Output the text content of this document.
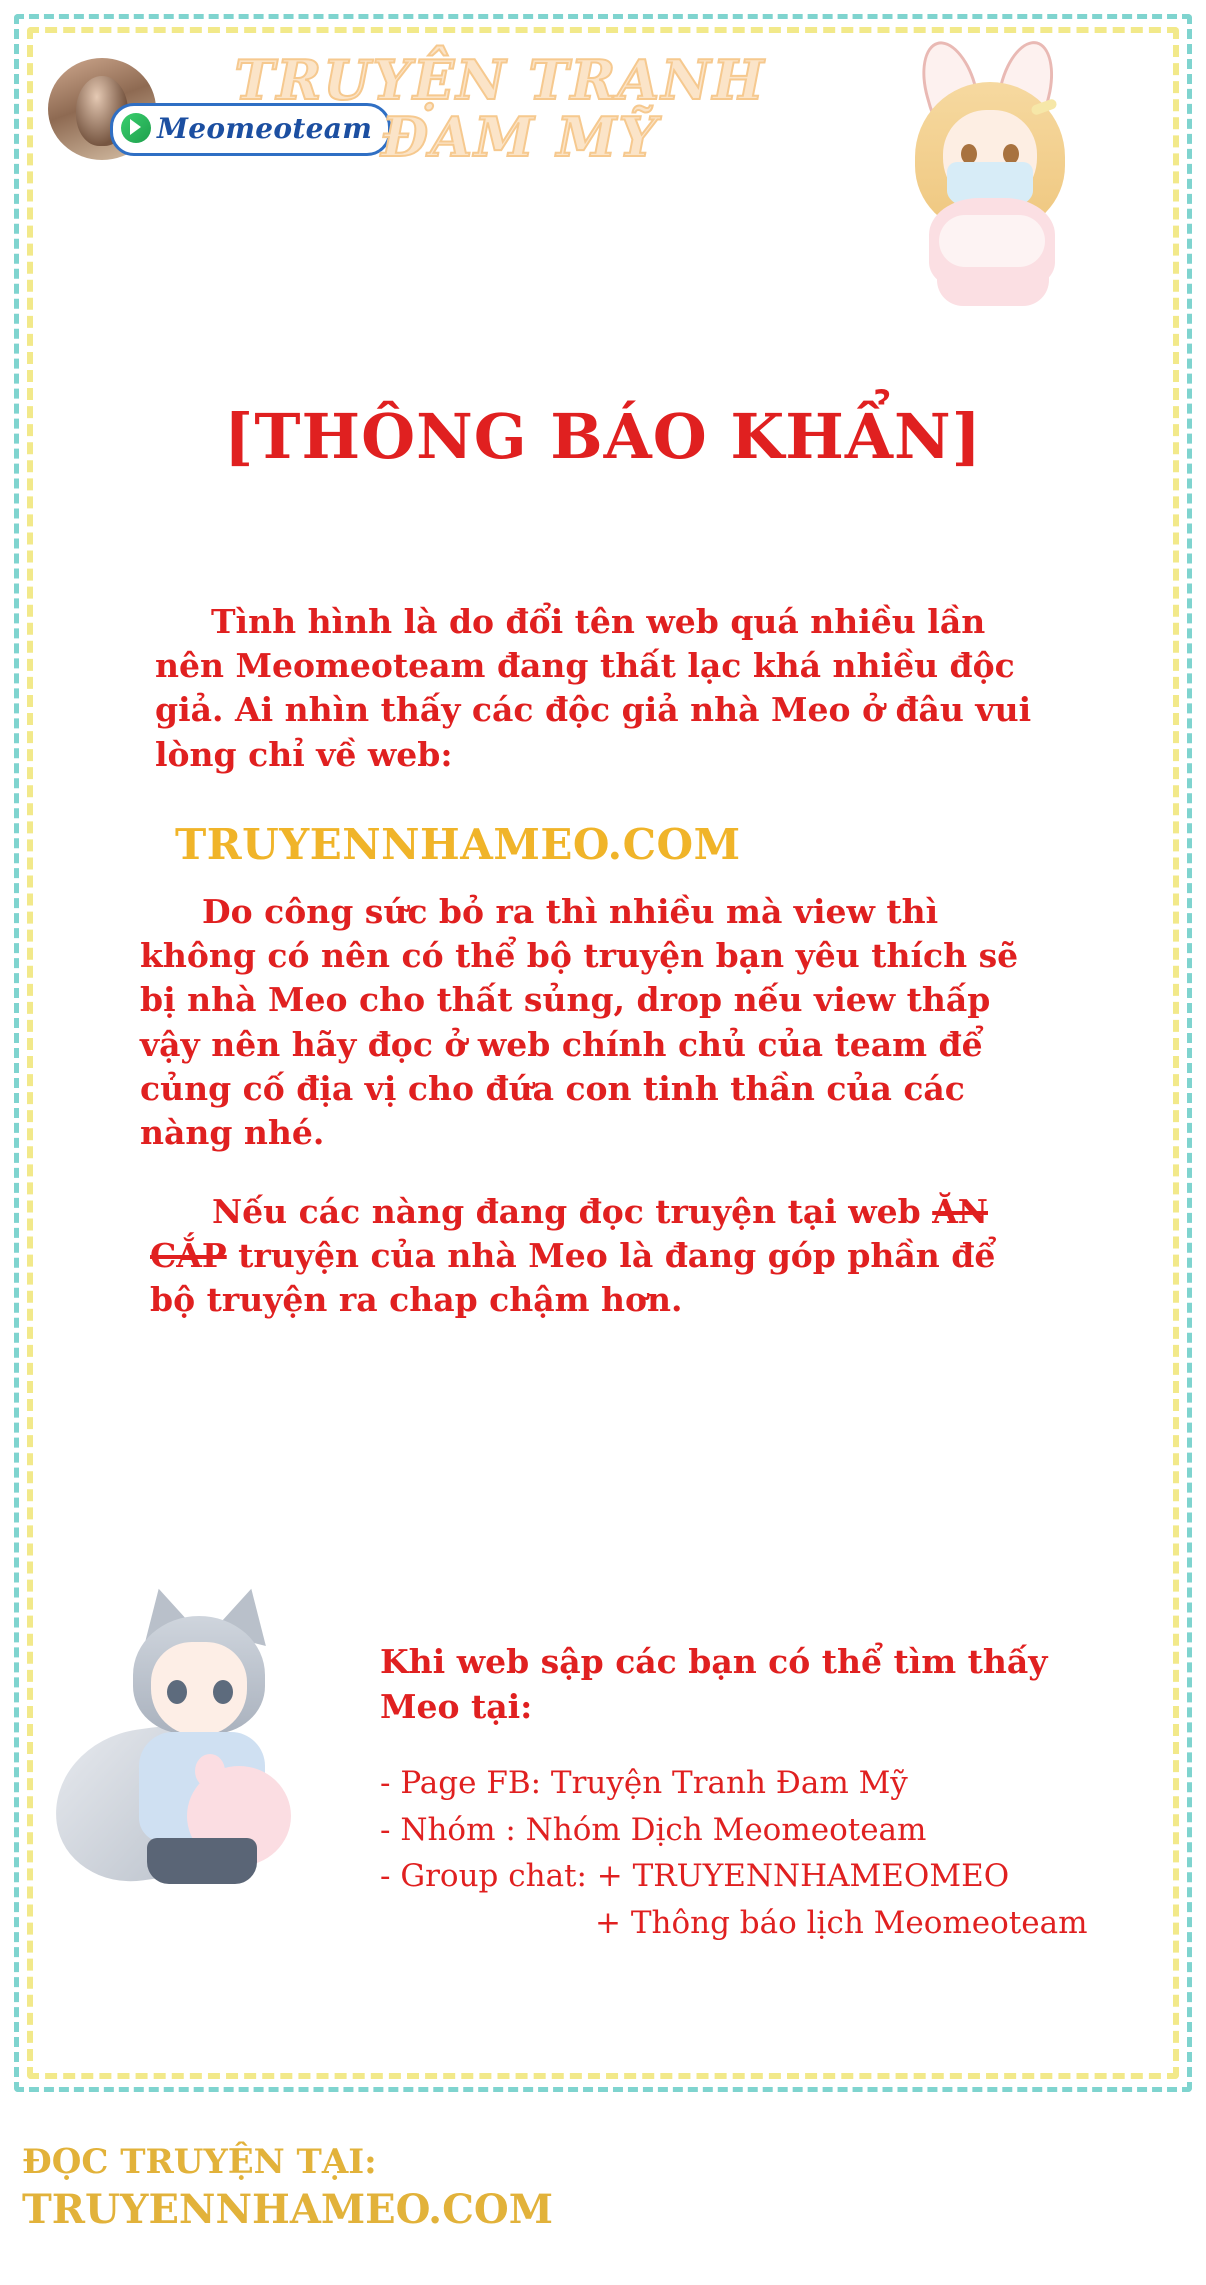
Meomeoteam
TRUYỆN TRANH
ĐAM MỸ
[THÔNG BÁO KHẨN]
Tình hình là do đổi tên web quá nhiều lần nên Meomeoteam đang thất lạc khá nhiều độc giả. Ai nhìn thấy các độc giả nhà Meo ở đâu vui lòng chỉ về web:
TRUYENNHAMEO.COM
Do công sức bỏ ra thì nhiều mà view thì không có nên có thể bộ truyện bạn yêu thích sẽ bị nhà Meo cho thất sủng, drop nếu view thấp vậy nên hãy đọc ở web chính chủ của team để củng cố địa vị cho đứa con tinh thần của các nàng nhé.
Nếu các nàng đang đọc truyện tại web ĂN CẮP truyện của nhà Meo là đang góp phần để bộ truyện ra chap chậm hơn.
Khi web sập các bạn có thể tìm thấy Meo tại:
- Page FB: Truyện Tranh Đam Mỹ
- Nhóm : Nhóm Dịch Meomeoteam
- Group chat: + TRUYENNHAMEOMEO
+ Thông báo lịch Meomeoteam
ĐỌC TRUYỆN TẠI:
TRUYENNHAMEO.COM
